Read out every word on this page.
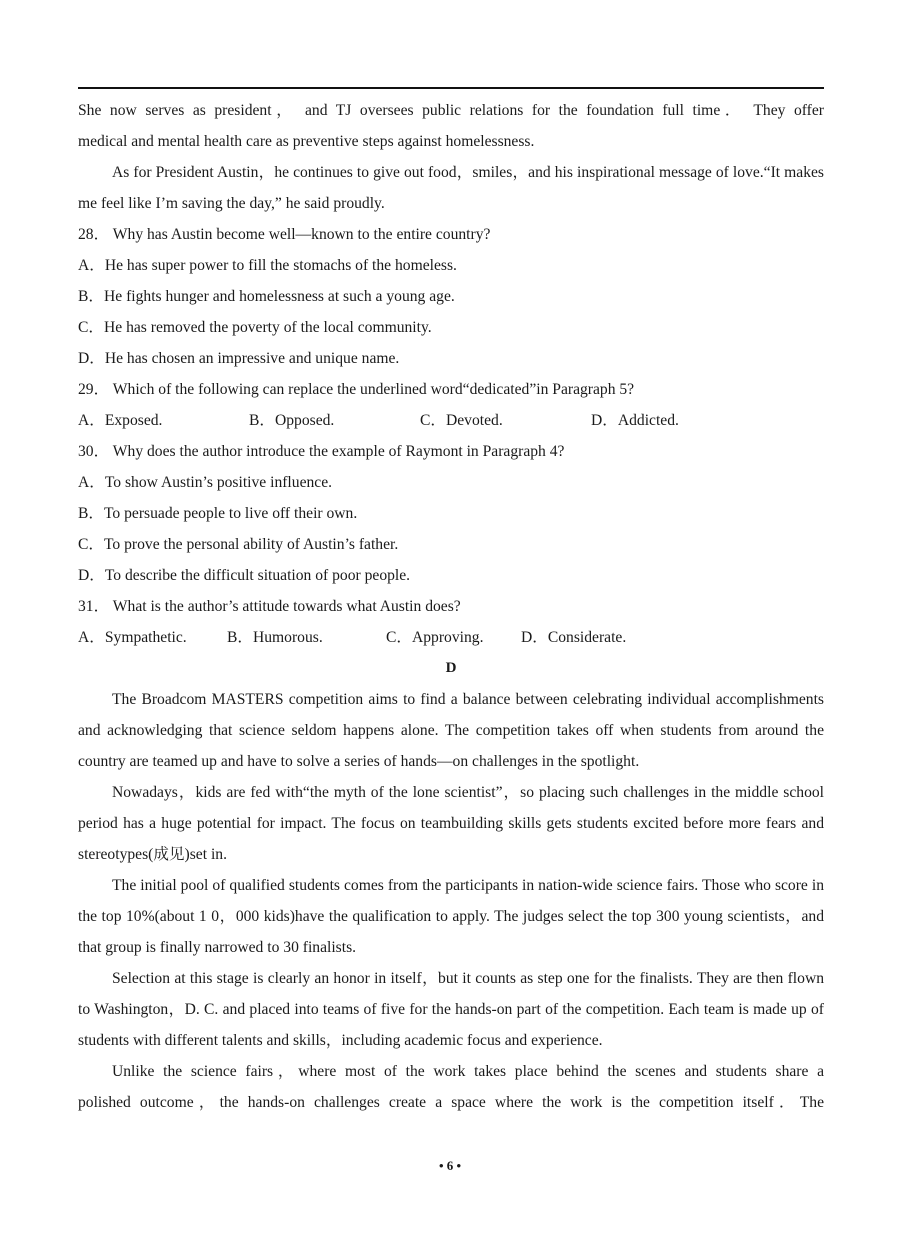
She now serves as president， and TJ oversees public relations for the foundation full time． They offer
medical and mental health care as preventive steps against homelessness.
As for President Austin，he continues to give out food，smiles，and his inspirational message of love.“It makes me feel like I’m saving the day,” he said proudly.
28． Why has Austin become well—known to the entire country?
A．He has super power to fill the stomachs of the homeless.
B．He fights hunger and homelessness at such a young age.
C．He has removed the poverty of the local community.
D．He has chosen an impressive and unique name.
29． Which of the following can replace the underlined word“dedicated”in Paragraph 5?
A．Exposed.	B．Opposed.	C．Devoted.	D．Addicted.
30． Why does the author introduce the example of Raymont in Paragraph 4?
A．To show Austin’s positive influence.
B．To persuade people to live off their own.
C．To prove the personal ability of Austin’s father.
D．To describe the difficult situation of poor people.
31． What is the author’s attitude towards what Austin does?
A．Sympathetic.	B．Humorous.	C．Approving.	D．Considerate.
D
The Broadcom MASTERS competition aims to find a balance between celebrating individual accomplishments and acknowledging that science seldom happens alone. The competition takes off when students from around the country are teamed up and have to solve a series of hands—on challenges in the spotlight.
Nowadays，kids are fed with“the myth of the lone scientist”，so placing such challenges in the middle school period has a huge potential for impact. The focus on teambuilding skills gets students excited before more fears and stereotypes(成见)set in.
The initial pool of qualified students comes from the participants in nation-wide science fairs. Those who score in the top 10%(about 1 0，000 kids)have the qualification to apply. The judges select the top 300 young scientists，and that group is finally narrowed to 30 finalists.
Selection at this stage is clearly an honor in itself，but it counts as step one for the finalists. They are then flown to Washington，D. C. and placed into teams of five for the hands-on part of the competition. Each team is made up of students with different talents and skills，including academic focus and experience.
Unlike the science fairs，where most of the work takes place behind the scenes and students share a
polished outcome，the hands-on challenges create a space where the work is the competition itself．The
• 6 •
